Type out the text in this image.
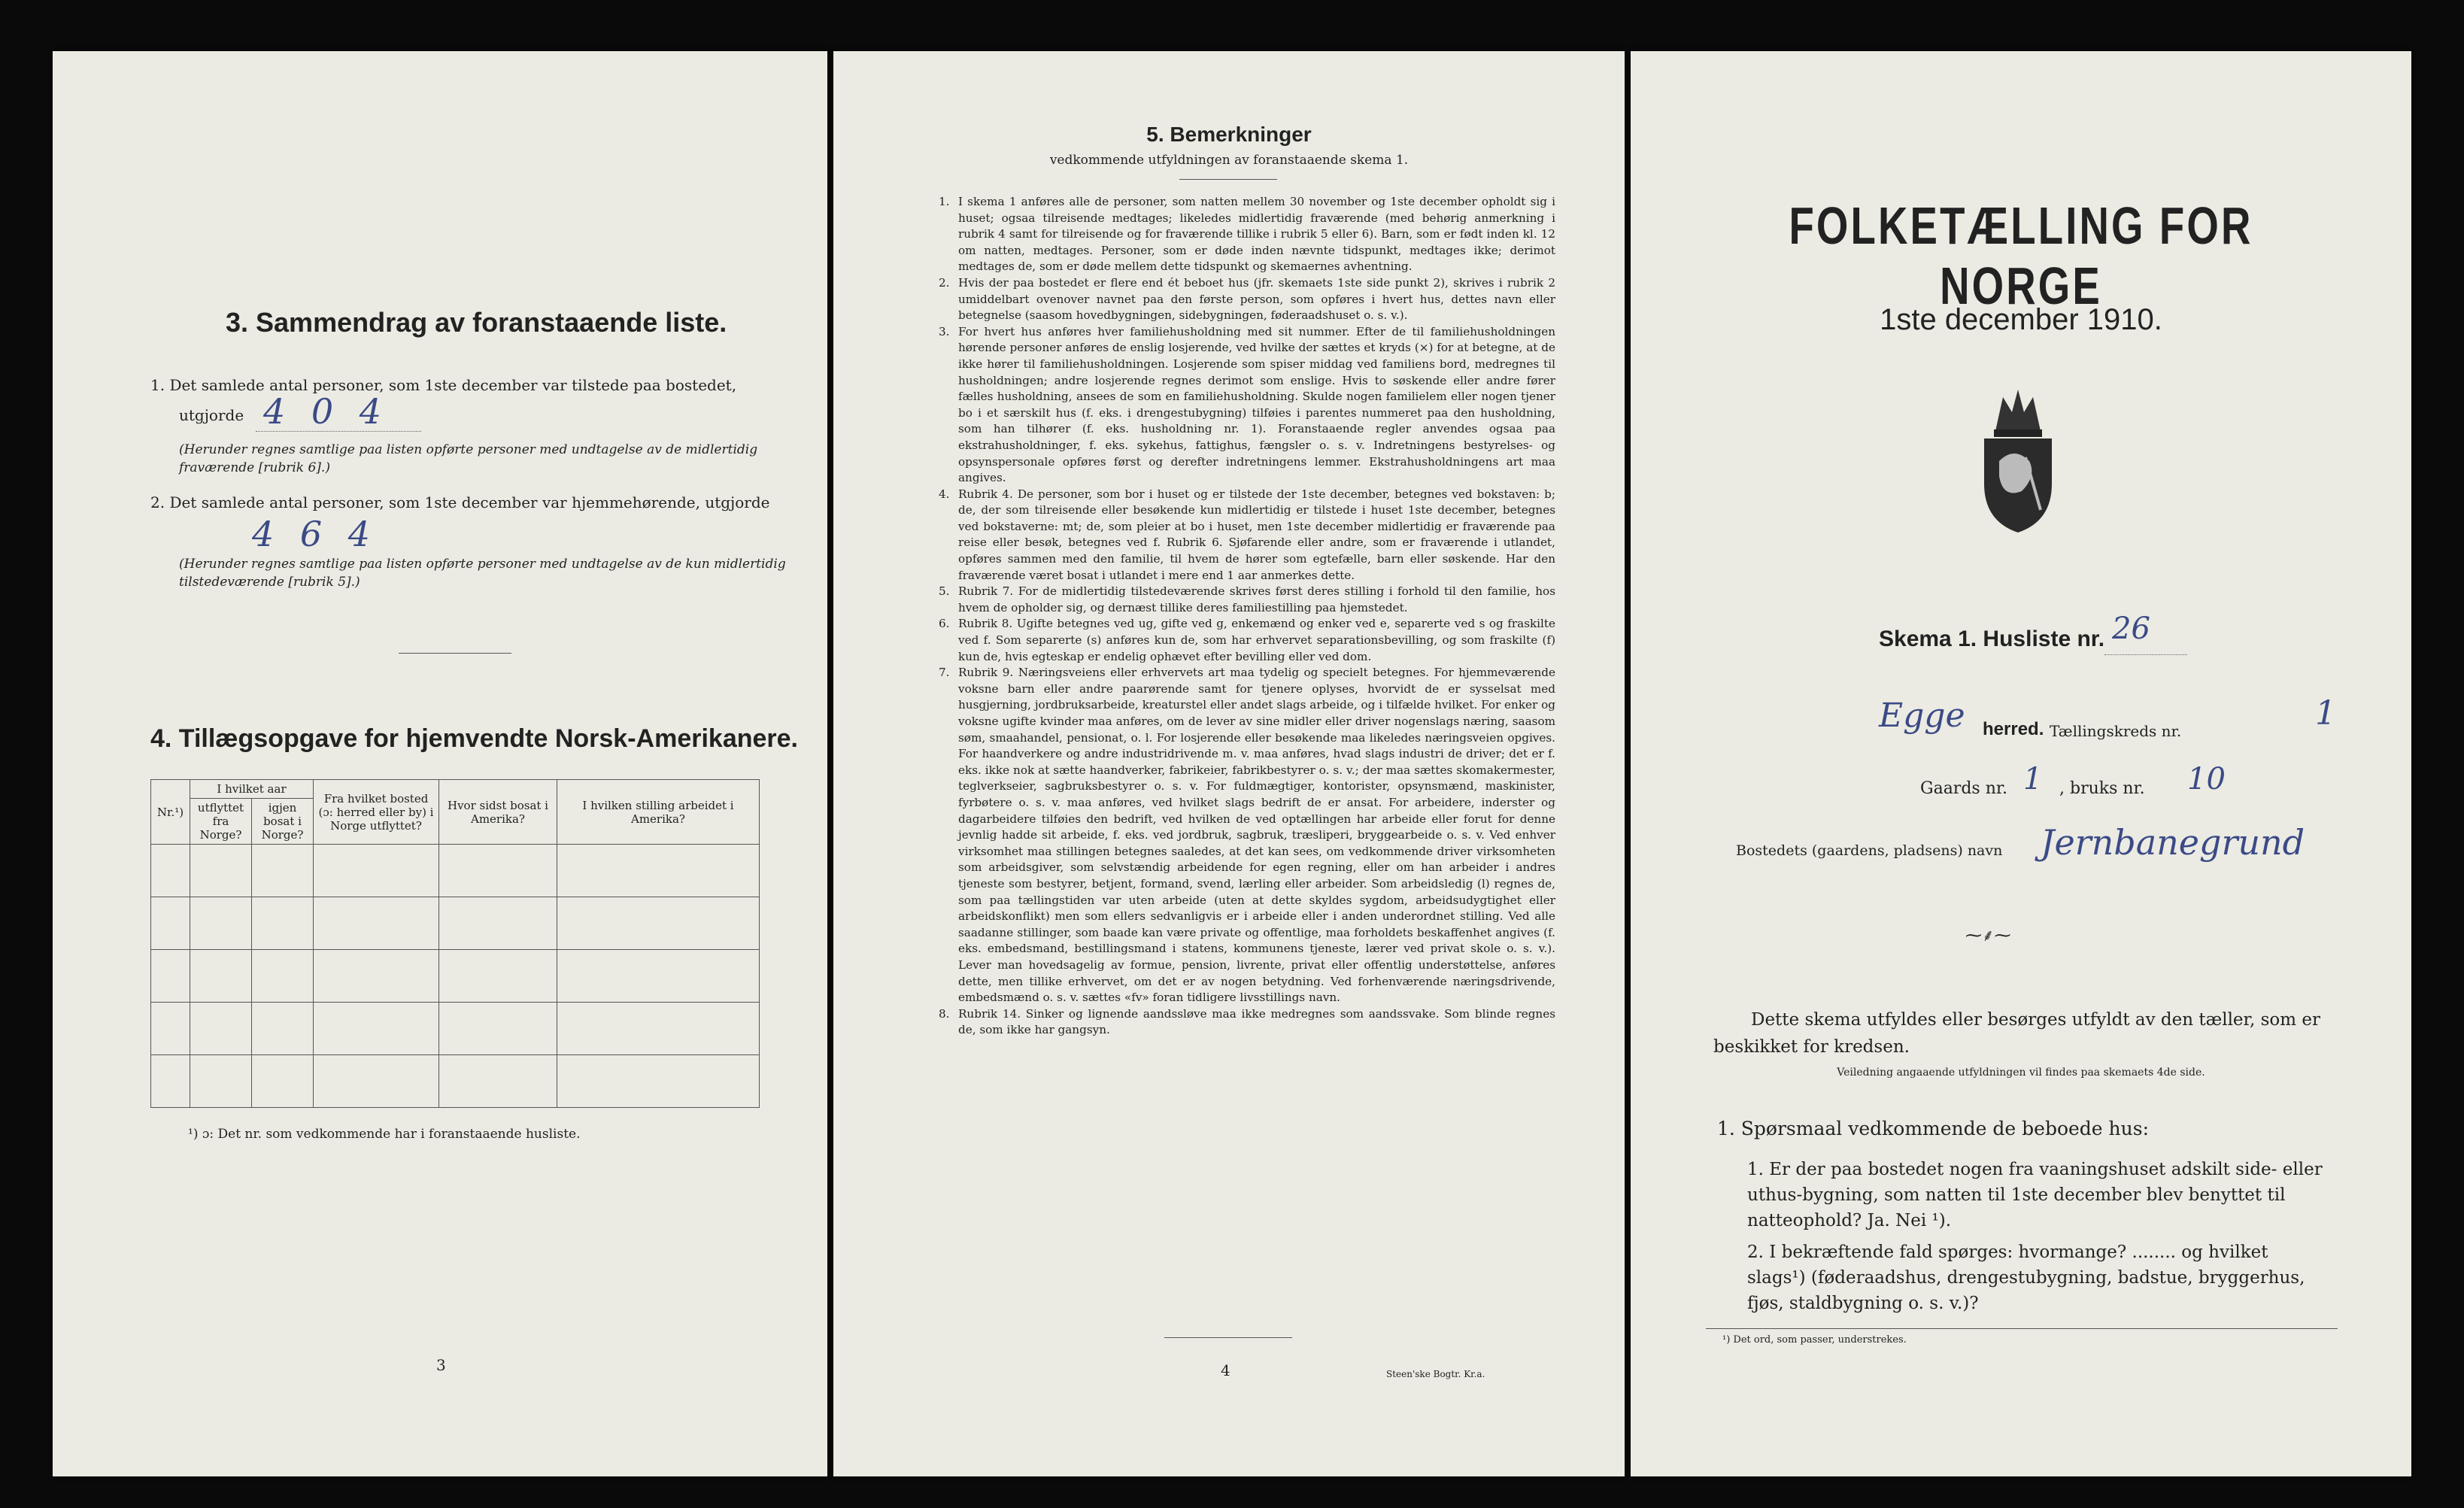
3. Sammendrag av foranstaaende liste.
1. Det samlede antal personer, som 1ste december var tilstede paa bostedet,
utgjorde 4 0 4
(Herunder regnes samtlige paa listen opførte personer med undtagelse av de midlertidig fraværende [rubrik 6].)
2. Det samlede antal personer, som 1ste december var hjemmehørende, utgjorde
4 6 4
(Herunder regnes samtlige paa listen opførte personer med undtagelse av de kun midlertidig tilstedeværende [rubrik 5].)
4. Tillægsopgave for hjemvendte Norsk-Amerikanere.
Nr.¹)	I hvilket aar		Fra hvilket bosted (ɔ: herred eller by) i Norge utflyttet?	Hvor sidst bosat i Amerika?	I hvilken stilling arbeidet i Amerika?
	utflyttet fra Norge?	igjen bosat i Norge?			

¹) ɔ: Det nr. som vedkommende har i foranstaaende husliste.
3
5. Bemerkninger
vedkommende utfyldningen av foranstaaende skema 1.
1. I skema 1 anføres alle de personer, som natten mellem 30 november og 1ste december opholdt sig i huset; ogsaa tilreisende medtages; likeledes midlertidig fraværende (med behørig anmerkning i rubrik 4 samt for tilreisende og for fraværende tillike i rubrik 5 eller 6). Barn, som er født inden kl. 12 om natten, medtages. Personer, som er døde inden nævnte tidspunkt, medtages ikke; derimot medtages de, som er døde mellem dette tidspunkt og skemaernes avhentning.
2. Hvis der paa bostedet er flere end ét beboet hus (jfr. skemaets 1ste side punkt 2), skrives i rubrik 2 umiddelbart ovenover navnet paa den første person, som opføres i hvert hus, dettes navn eller betegnelse (saasom hovedbygningen, sidebygningen, føderaadshuset o. s. v.).
3. For hvert hus anføres hver familiehusholdning med sit nummer. Efter de til familiehusholdningen hørende personer anføres de enslig losjerende, ved hvilke der sættes et kryds (×) for at betegne, at de ikke hører til familiehusholdningen. Losjerende som spiser middag ved familiens bord, medregnes til husholdningen; andre losjerende regnes derimot som enslige. Hvis to søskende eller andre fører fælles husholdning, ansees de som en familiehusholdning. Skulde nogen familielem eller nogen tjener bo i et særskilt hus (f. eks. i drengestubygning) tilføies i parentes nummeret paa den husholdning, som han tilhører (f. eks. husholdning nr. 1). Foranstaaende regler anvendes ogsaa paa ekstrahusholdninger, f. eks. sykehus, fattighus, fængsler o. s. v. Indretningens bestyrelses- og opsynspersonale opføres først og derefter indretningens lemmer. Ekstrahusholdningens art maa angives.
4. Rubrik 4. De personer, som bor i huset og er tilstede der 1ste december, betegnes ved bokstaven: b; de, der som tilreisende eller besøkende kun midlertidig er tilstede i huset 1ste december, betegnes ved bokstaverne: mt; de, som pleier at bo i huset, men 1ste december midlertidig er fraværende paa reise eller besøk, betegnes ved f. Rubrik 6. Sjøfarende eller andre, som er fraværende i utlandet, opføres sammen med den familie, til hvem de hører som egtefælle, barn eller søskende. Har den fraværende været bosat i utlandet i mere end 1 aar anmerkes dette.
5. Rubrik 7. For de midlertidig tilstedeværende skrives først deres stilling i forhold til den familie, hos hvem de opholder sig, og dernæst tillike deres familiestilling paa hjemstedet.
6. Rubrik 8. Ugifte betegnes ved ug, gifte ved g, enkemænd og enker ved e, separerte ved s og fraskilte ved f. Som separerte (s) anføres kun de, som har erhvervet separationsbevilling, og som fraskilte (f) kun de, hvis egteskap er endelig ophævet efter bevilling eller ved dom.
7. Rubrik 9. Næringsveiens eller erhvervets art maa tydelig og specielt betegnes. For hjemmeværende voksne barn eller andre paarørende samt for tjenere oplyses, hvorvidt de er sysselsat med husgjerning, jordbruksarbeide, kreaturstel eller andet slags arbeide, og i tilfælde hvilket. For enker og voksne ugifte kvinder maa anføres, om de lever av sine midler eller driver nogenslags næring, saasom søm, smaahandel, pensionat, o. l. For losjerende eller besøkende maa likeledes næringsveien opgives. For haandverkere og andre industridrivende m. v. maa anføres, hvad slags industri de driver; det er f. eks. ikke nok at sætte haandverker, fabrikeier, fabrikbestyrer o. s. v.; der maa sættes skomakermester, teglverkseier, sagbruksbestyrer o. s. v. For fuldmægtiger, kontorister, opsynsmænd, maskinister, fyrbøtere o. s. v. maa anføres, ved hvilket slags bedrift de er ansat. For arbeidere, inderster og dagarbeidere tilføies den bedrift, ved hvilken de ved optællingen har arbeide eller forut for denne jevnlig hadde sit arbeide, f. eks. ved jordbruk, sagbruk, træsliperi, bryggearbeide o. s. v. Ved enhver virksomhet maa stillingen betegnes saaledes, at det kan sees, om vedkommende driver virksomheten som arbeidsgiver, som selvstændig arbeidende for egen regning, eller om han arbeider i andres tjeneste som bestyrer, betjent, formand, svend, lærling eller arbeider. Som arbeidsledig (l) regnes de, som paa tællingstiden var uten arbeide (uten at dette skyldes sygdom, arbeidsudygtighet eller arbeidskonflikt) men som ellers sedvanligvis er i arbeide eller i anden underordnet stilling. Ved alle saadanne stillinger, som baade kan være private og offentlige, maa forholdets beskaffenhet angives (f. eks. embedsmand, bestillingsmand i statens, kommunens tjeneste, lærer ved privat skole o. s. v.). Lever man hovedsagelig av formue, pension, livrente, privat eller offentlig understøttelse, anføres dette, men tillike erhvervet, om det er av nogen betydning. Ved forhenværende næringsdrivende, embedsmænd o. s. v. sættes «fv» foran tidligere livsstillings navn.
8. Rubrik 14. Sinker og lignende aandssløve maa ikke medregnes som aandssvake. Som blinde regnes de, som ikke har gangsyn.
4	Steen'ske Bogtr. Kr.a.
FOLKETÆLLING FOR NORGE
1ste december 1910.
Skema 1. Husliste nr. 26
Egge herred. Tællingskreds nr.	1
Gaards nr. 1 , bruks nr. 10
Bostedets (gaardens, pladsens) navn Jernbanegrund
⁓⸙⁓
Dette skema utfyldes eller besørges utfyldt av den tæller, som er beskikket for kredsen.
Veiledning angaaende utfyldningen vil findes paa skemaets 4de side.
1. Spørsmaal vedkommende de beboede hus:
1. Er der paa bostedet nogen fra vaaningshuset adskilt side- eller uthus-bygning, som natten til 1ste december blev benyttet til natteophold? Ja. Nei ¹).
2. I bekræftende fald spørges: hvormange? ........ og hvilket slags¹) (føderaadshus, drengestubygning, badstue, bryggerhus, fjøs, staldbygning o. s. v.)?
¹) Det ord, som passer, understrekes.
